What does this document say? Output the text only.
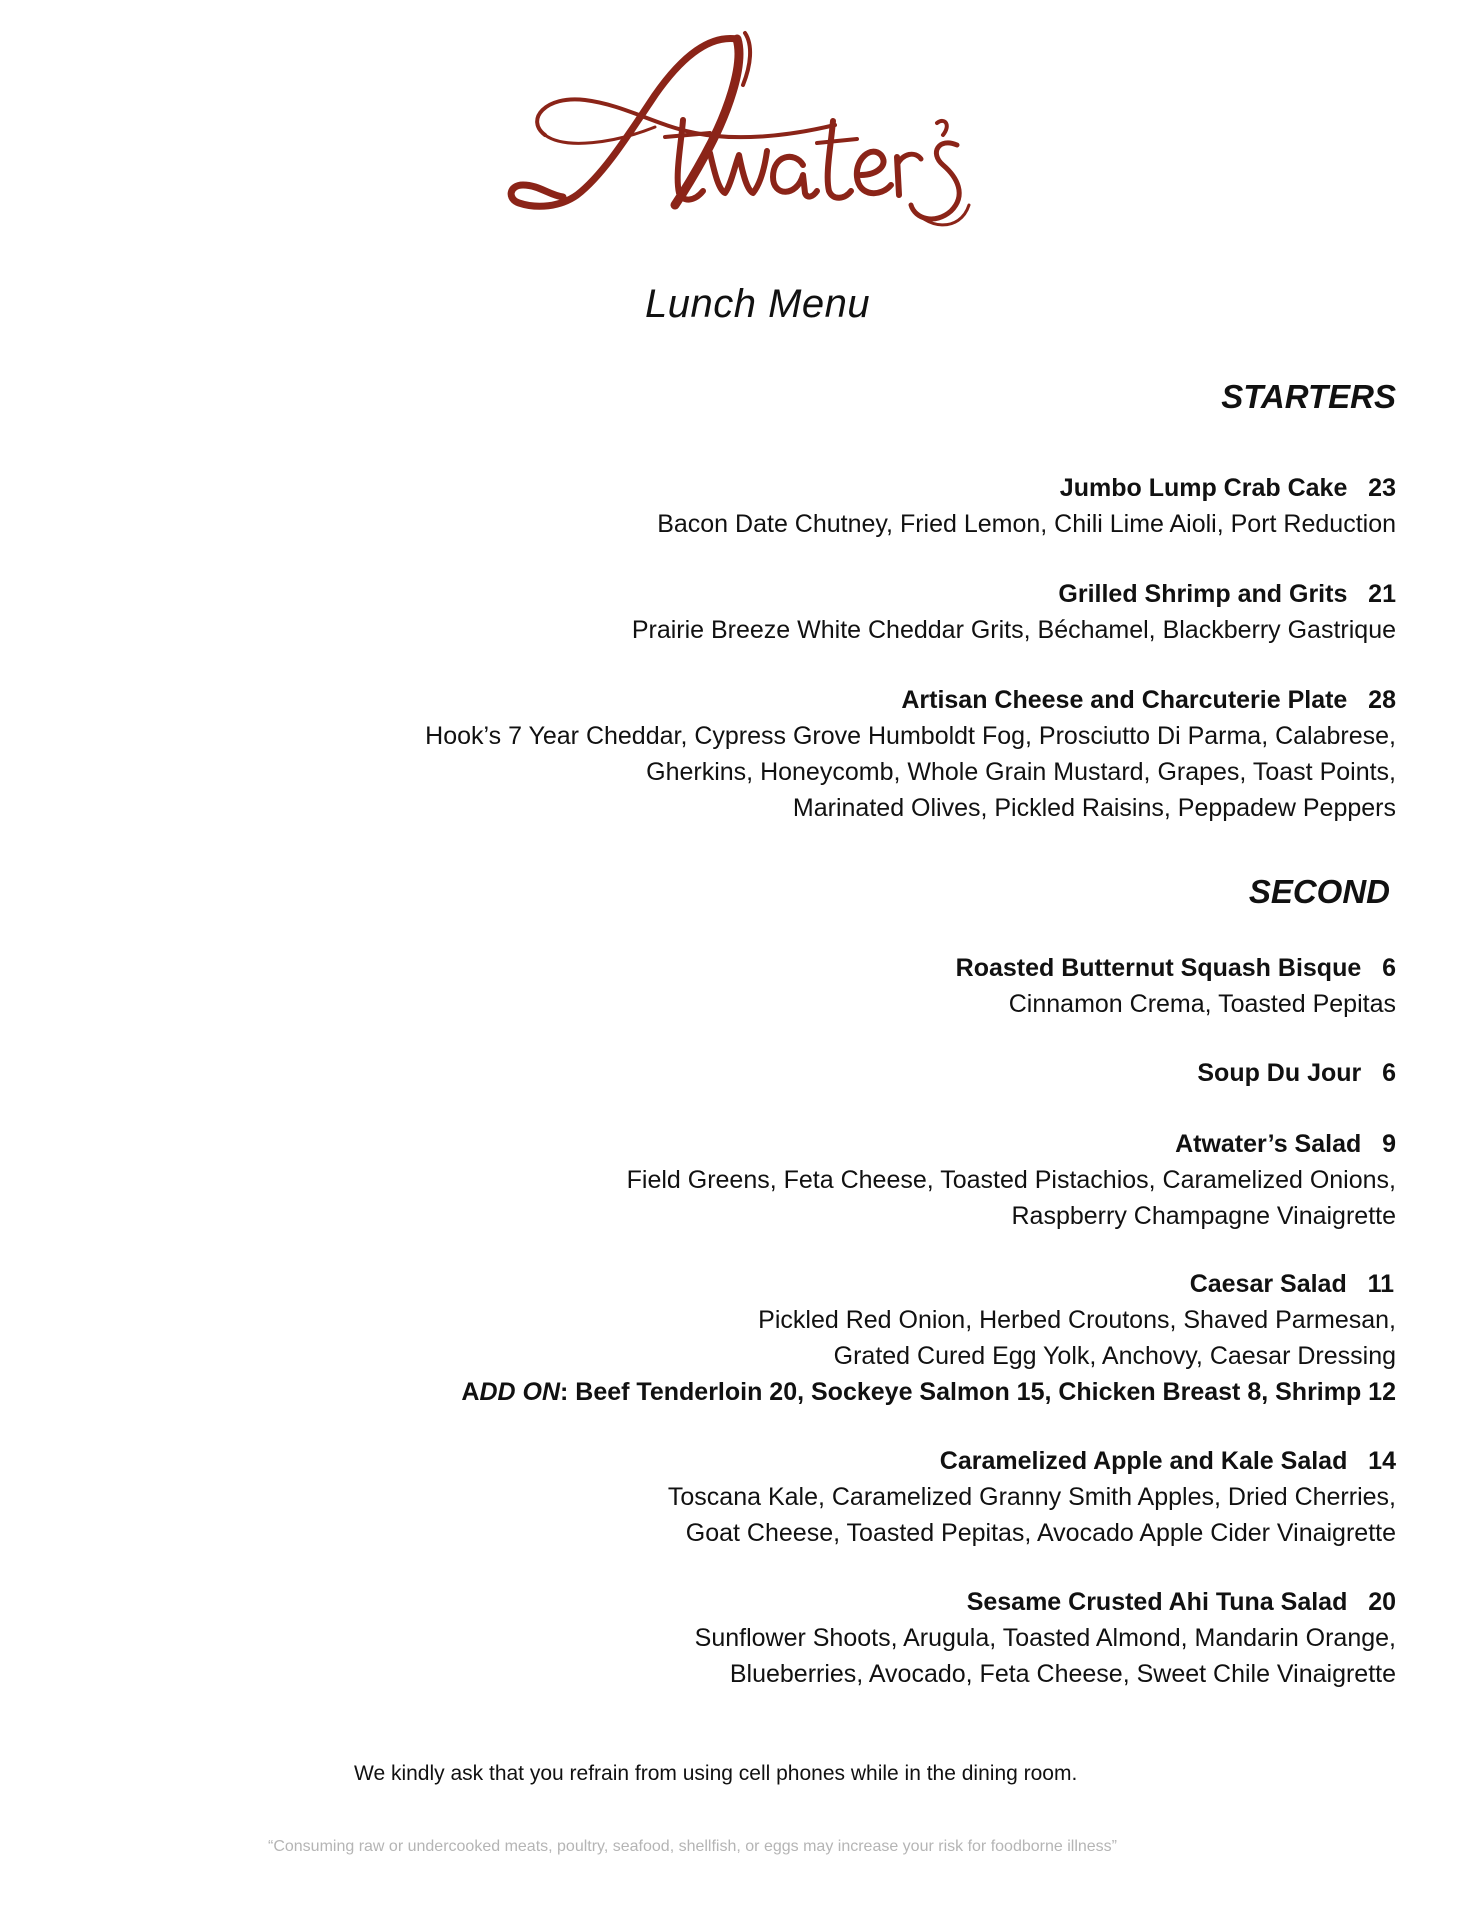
Atwater's
Lunch Menu
STARTERS
Jumbo Lump Crab Cake   23
Bacon Date Chutney, Fried Lemon, Chili Lime Aioli, Port Reduction
Grilled Shrimp and Grits   21
Prairie Breeze White Cheddar Grits, Béchamel, Blackberry Gastrique
Artisan Cheese and Charcuterie Plate   28
Hook’s 7 Year Cheddar, Cypress Grove Humboldt Fog, Prosciutto Di Parma, Calabrese,
Gherkins, Honeycomb, Whole Grain Mustard, Grapes, Toast Points,
Marinated Olives, Pickled Raisins, Peppadew Peppers
SECOND
Roasted Butternut Squash Bisque   6
Cinnamon Crema, Toasted Pepitas
Soup Du Jour   6
Atwater’s Salad   9
Field Greens, Feta Cheese, Toasted Pistachios, Caramelized Onions,
Raspberry Champagne Vinaigrette
Caesar Salad   11
Pickled Red Onion, Herbed Croutons, Shaved Parmesan,
Grated Cured Egg Yolk, Anchovy, Caesar Dressing
ADD ON: Beef Tenderloin 20, Sockeye Salmon 15, Chicken Breast 8, Shrimp 12
Caramelized Apple and Kale Salad   14
Toscana Kale, Caramelized Granny Smith Apples, Dried Cherries,
Goat Cheese, Toasted Pepitas, Avocado Apple Cider Vinaigrette
Sesame Crusted Ahi Tuna Salad   20
Sunflower Shoots, Arugula, Toasted Almond, Mandarin Orange,
Blueberries, Avocado, Feta Cheese, Sweet Chile Vinaigrette
We kindly ask that you refrain from using cell phones while in the dining room.
“Consuming raw or undercooked meats, poultry, seafood, shellfish, or eggs may increase your risk for foodborne illness”
